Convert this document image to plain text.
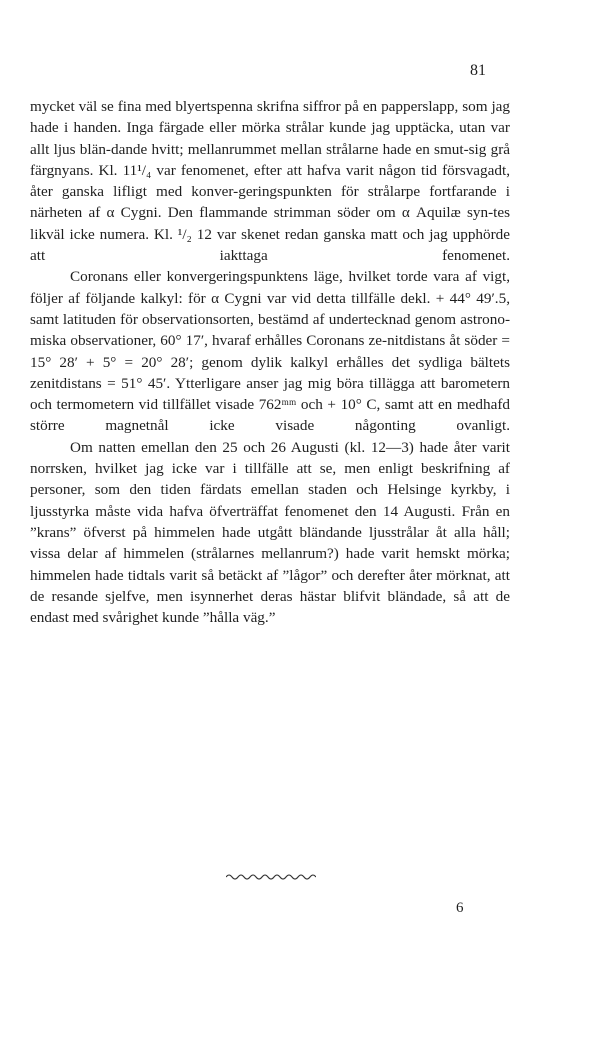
81

mycket väl se fina med blyertspenna skrifna siffror på en papperslapp, som jag hade i handen. Inga färgade eller mörka strålar kunde jag upptäcka, utan var allt ljus blän-dande hvitt; mellanrummet mellan strålarne hade en smut-sig grå färgnyans. Kl. 11¹/₄ var fenomenet, efter att hafva varit någon tid försvagadt, åter ganska lifligt med konver-geringspunkten för strålarpe fortfarande i närheten af α Cygni. Den flammande strimman söder om α Aquilæ syn-tes likväl icke numera. Kl. ¹/₂ 12 var skenet redan ganska matt och jag upphörde att iakttaga fenomenet.

Coronans eller konvergeringspunktens läge, hvilket torde vara af vigt, följer af följande kalkyl: för α Cygni var vid detta tillfälle dekl. + 44° 49′.5, samt latituden för observationsorten, bestämd af undertecknad genom astrono-miska observationer, 60° 17′, hvaraf erhålles Coronans ze-nitdistans åt söder = 15° 28′ + 5° = 20° 28′; genom dylik kalkyl erhålles det sydliga bältets zenitdistans = 51° 45′. Ytterligare anser jag mig böra tillägga att barometern och termometern vid tillfället visade 762ᵐᵐ och + 10° C, samt att en medhafd större magnetnål icke visade någonting ovanligt.

Om natten emellan den 25 och 26 Augusti (kl. 12—3) hade åter varit norrsken, hvilket jag icke var i tillfälle att se, men enligt beskrifning af personer, som den tiden färdats emellan staden och Helsinge kyrkby, i ljusstyrka måste vida hafva öfverträffat fenomenet den 14 Augusti. Från en ”krans” öfverst på himmelen hade utgått bländande ljusstrålar åt alla håll; vissa delar af himmelen (strålarnes mellanrum?) hade varit hemskt mörka; himmelen hade tidtals varit så betäckt af ”lågor” och derefter åter mörknat, att de resande sjelfve, men isynnerhet deras hästar blifvit bländade, så att de endast med svårighet kunde ”hålla väg.”

6
